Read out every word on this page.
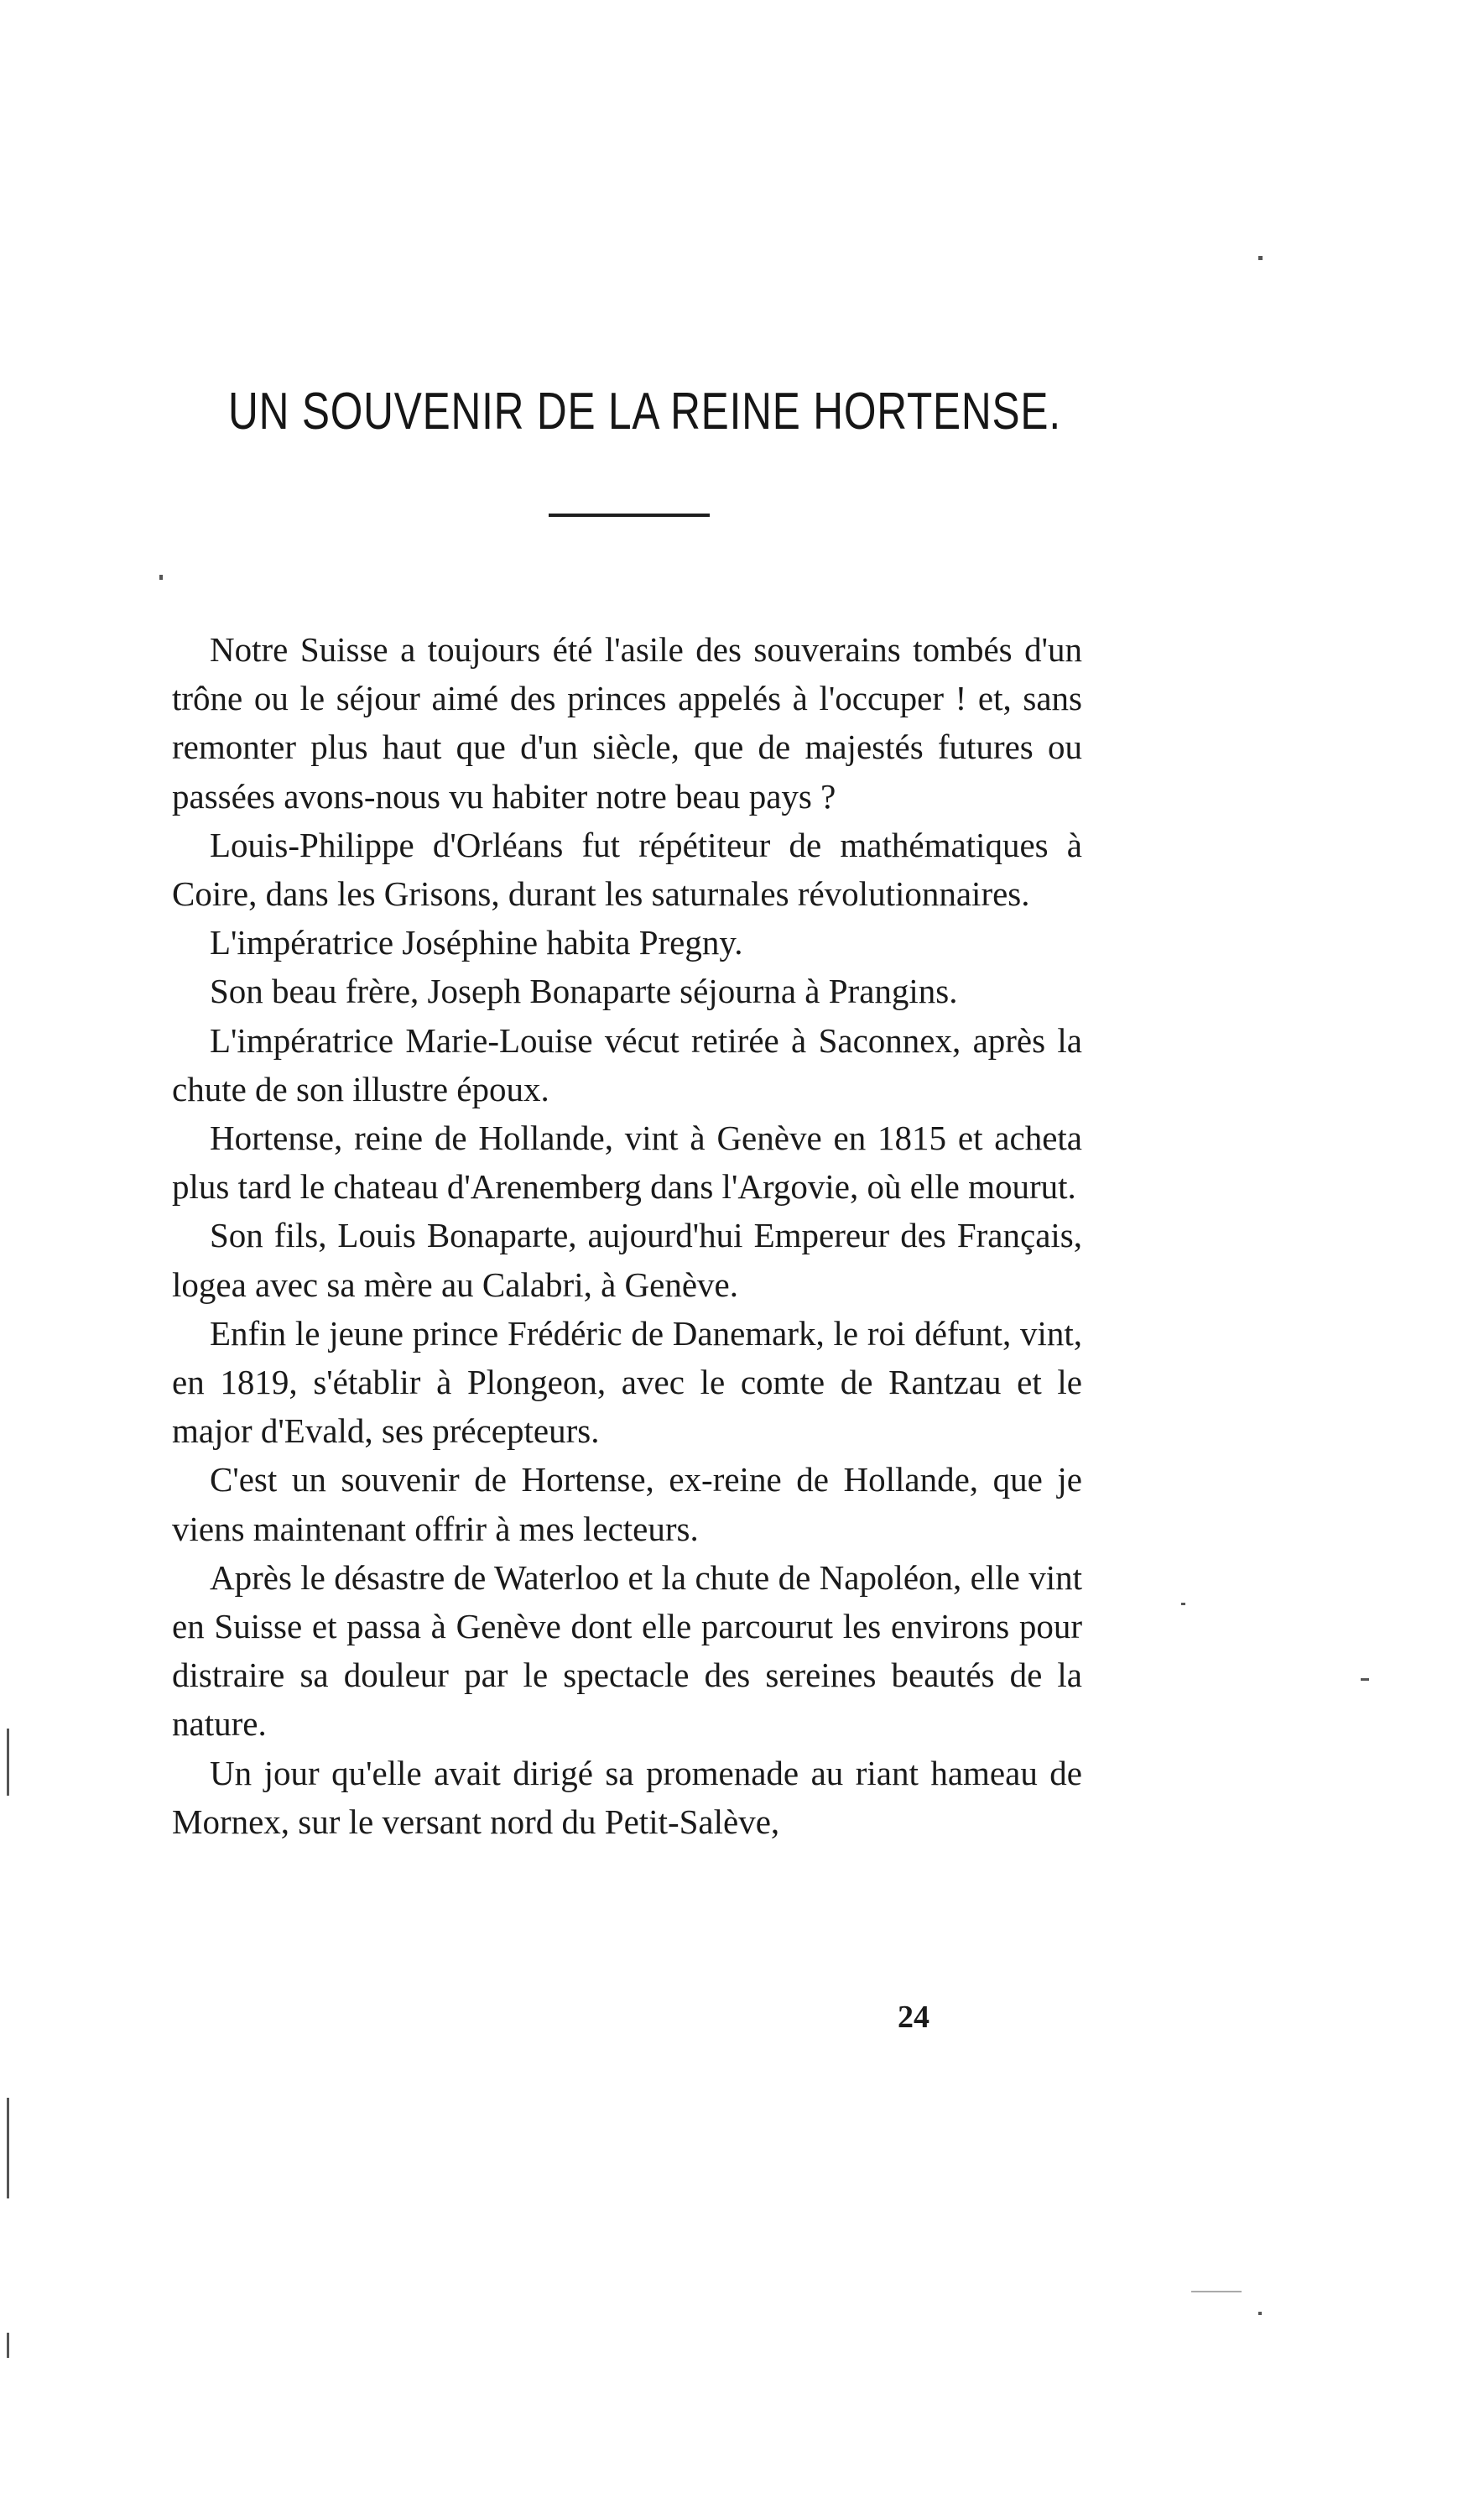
UN SOUVENIR DE LA REINE HORTENSE.

Notre Suisse a toujours été l'asile des souverains tombés d'un trône ou le séjour aimé des princes appelés à l'occuper ! et, sans remonter plus haut que d'un siècle, que de majestés futures ou passées avons-nous vu habiter notre beau pays ?

Louis-Philippe d'Orléans fut répétiteur de mathématiques à Coire, dans les Grisons, durant les saturnales révolutionnaires.

L'impératrice Joséphine habita Pregny.

Son beau frère, Joseph Bonaparte séjourna à Prangins.

L'impératrice Marie-Louise vécut retirée à Saconnex, après la chute de son illustre époux.

Hortense, reine de Hollande, vint à Genève en 1815 et acheta plus tard le chateau d'Arenemberg dans l'Argovie, où elle mourut.

Son fils, Louis Bonaparte, aujourd'hui Empereur des Français, logea avec sa mère au Calabri, à Genève.

Enfin le jeune prince Frédéric de Danemark, le roi défunt, vint, en 1819, s'établir à Plongeon, avec le comte de Rantzau et le major d'Evald, ses précepteurs.

C'est un souvenir de Hortense, ex-reine de Hollande, que je viens maintenant offrir à mes lecteurs.

Après le désastre de Waterloo et la chute de Napoléon, elle vint en Suisse et passa à Genève dont elle parcourut les environs pour distraire sa douleur par le spectacle des sereines beautés de la nature.

Un jour qu'elle avait dirigé sa promenade au riant hameau de Mornex, sur le versant nord du Petit-Salève,

24
